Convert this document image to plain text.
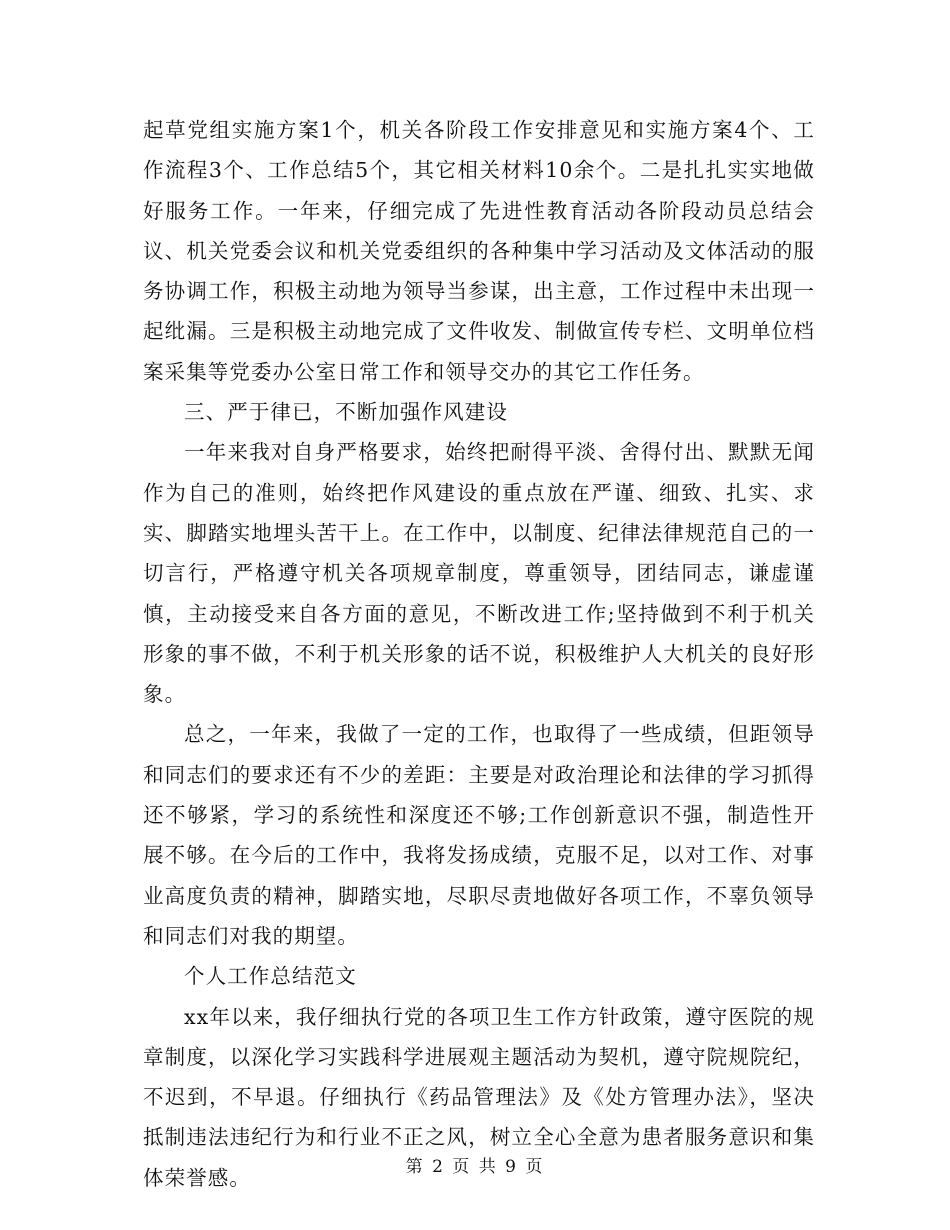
起草党组实施方案1个，机关各阶段工作安排意见和实施方案4个、工作流程3个、工作总结5个，其它相关材料10余个。二是扎扎实实地做好服务工作。一年来，仔细完成了先进性教育活动各阶段动员总结会议、机关党委会议和机关党委组织的各种集中学习活动及文体活动的服务协调工作，积极主动地为领导当参谋，出主意，工作过程中未出现一起纰漏。三是积极主动地完成了文件收发、制做宣传专栏、文明单位档案采集等党委办公室日常工作和领导交办的其它工作任务。

三、严于律已，不断加强作风建设

一年来我对自身严格要求，始终把耐得平淡、舍得付出、默默无闻作为自己的准则，始终把作风建设的重点放在严谨、细致、扎实、求实、脚踏实地埋头苦干上。在工作中，以制度、纪律法律规范自己的一切言行，严格遵守机关各项规章制度，尊重领导，团结同志，谦虚谨慎，主动接受来自各方面的意见，不断改进工作;坚持做到不利于机关形象的事不做，不利于机关形象的话不说，积极维护人大机关的良好形象。

总之，一年来，我做了一定的工作，也取得了一些成绩，但距领导和同志们的要求还有不少的差距：主要是对政治理论和法律的学习抓得还不够紧，学习的系统性和深度还不够;工作创新意识不强，制造性开展不够。在今后的工作中，我将发扬成绩，克服不足，以对工作、对事业高度负责的精神，脚踏实地，尽职尽责地做好各项工作，不辜负领导和同志们对我的期望。

个人工作总结范文

xx年以来，我仔细执行党的各项卫生工作方针政策，遵守医院的规章制度，以深化学习实践科学进展观主题活动为契机，遵守院规院纪，不迟到，不早退。仔细执行《药品管理法》及《处方管理办法》，坚决抵制违法违纪行为和行业不正之风，树立全心全意为患者服务意识和集体荣誉感。	第 2 页 共 9 页
